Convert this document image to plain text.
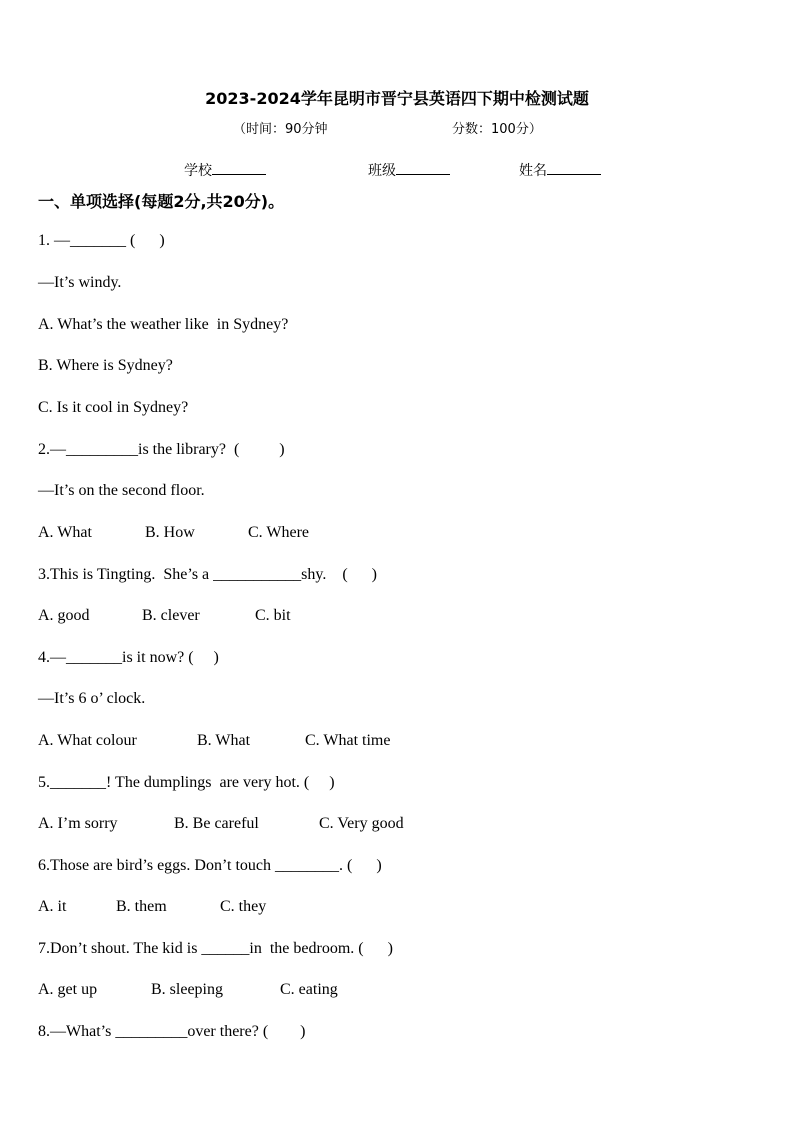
2023-2024学年昆明市晋宁县英语四下期中检测试题
（时间：90分钟	分数：100分）
学校	班级	姓名
一、单项选择(每题2分,共20分)。
1. —_______ (      )
—It’s windy.
A. What’s the weather like  in Sydney?
B. Where is Sydney?
C. Is it cool in Sydney?
2.—_________is the library?  (          )
—It’s on the second floor.
A. What	B. How	C. Where
3.This is Tingting.  She’s a ___________shy.    (      )
A. good	B. clever	C. bit
4.—_______is it now? (     )
—It’s 6 o’ clock.
A. What colour	B. What	C. What time
5._______! The dumplings  are very hot. (     )
A. I’m sorry	B. Be careful	C. Very good
6.Those are bird’s eggs. Don’t touch ________. (      )
A. it	B. them	C. they
7.Don’t shout. The kid is ______in  the bedroom. (      )
A. get up	B. sleeping	C. eating
8.—What’s _________over there? (        )
